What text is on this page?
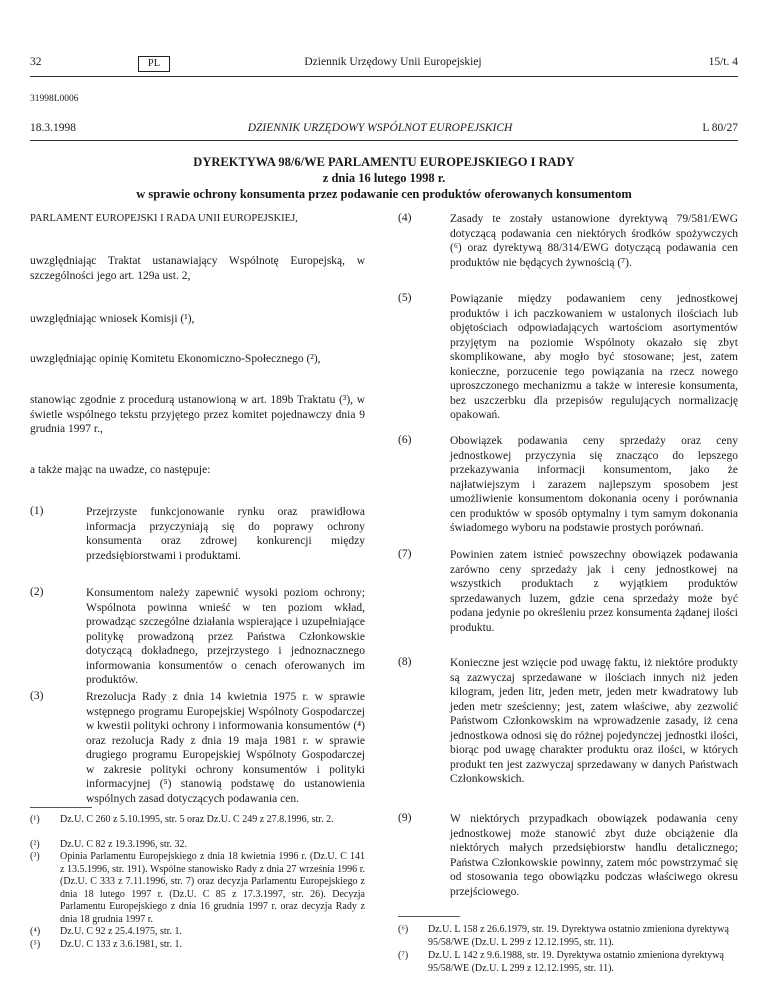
32	PL	Dziennik Urzędowy Unii Europejskiej	15/t. 4
31998L0006
18.3.1998	DZIENNIK URZĘDOWY WSPÓLNOT EUROPEJSKICH	L 80/27
DYREKTYWA 98/6/WE PARLAMENTU EUROPEJSKIEGO I RADY
z dnia 16 lutego 1998 r.
w sprawie ochrony konsumenta przez podawanie cen produktów oferowanych konsumentom
PARLAMENT EUROPEJSKI I RADA UNII EUROPEJSKIEJ,
uwzględniając Traktat ustanawiający Wspólnotę Europejską, w szczególności jego art. 129a ust. 2,
uwzględniając wniosek Komisji (¹),
uwzględniając opinię Komitetu Ekonomiczno-Społecznego (²),
stanowiąc zgodnie z procedurą ustanowioną w art. 189b Traktatu (³), w świetle wspólnego tekstu przyjętego przez komitet pojednawczy dnia 9 grudnia 1997 r.,
a także mając na uwadze, co następuje:
(1)	Przejrzyste funkcjonowanie rynku oraz prawidłowa informacja przyczyniają się do poprawy ochrony konsumenta oraz zdrowej konkurencji między przedsiębiorstwami i produktami.
(2)	Konsumentom należy zapewnić wysoki poziom ochrony; Wspólnota powinna wnieść w ten poziom wkład, prowadząc szczególne działania wspierające i uzupełniające politykę prowadzoną przez Państwa Członkowskie dotyczącą dokładnego, przejrzystego i jednoznacznego informowania konsumentów o cenach oferowanych im produktów.
(3)	Rrezolucja Rady z dnia 14 kwietnia 1975 r. w sprawie wstępnego programu Europejskiej Wspólnoty Gospodarczej w kwestii polityki ochrony i informowania konsumentów (⁴) oraz rezolucja Rady z dnia 19 maja 1981 r. w sprawie drugiego programu Europejskiej Wspólnoty Gospodarczej w zakresie polityki ochrony konsumentów i polityki informacyjnej (⁵) stanowią podstawę do ustanowienia wspólnych zasad dotyczących podawania cen.
(¹) Dz.U. C 260 z 5.10.1995, str. 5 oraz Dz.U. C 249 z 27.8.1996, str. 2.
(²) Dz.U. C 82 z 19.3.1996, str. 32.
(³) Opinia Parlamentu Europejskiego z dnia 18 kwietnia 1996 r. (Dz.U. C 141 z 13.5.1996, str. 191). Wspólne stanowisko Rady z dnia 27 września 1996 r. (Dz.U. C 333 z 7.11.1996, str. 7) oraz decyzja Parlamentu Europejskiego z dnia 18 lutego 1997 r. (Dz.U. C 85 z 17.3.1997, str. 26). Decyzja Parlamentu Europejskiego z dnia 16 grudnia 1997 r. oraz decyzja Rady z dnia 18 grudnia 1997 r.
(⁴) Dz.U. C 92 z 25.4.1975, str. 1.
(⁵) Dz.U. C 133 z 3.6.1981, str. 1.
(4)	Zasady te zostały ustanowione dyrektywą 79/581/EWG dotyczącą podawania cen niektórych środków spożywczych (⁶) oraz dyrektywą 88/314/EWG dotyczącą podawania cen produktów nie będących żywnością (⁷).
(5)	Powiązanie między podawaniem ceny jednostkowej produktów i ich paczkowaniem w ustalonych ilościach lub objętościach odpowiadających wartościom asortymentów przyjętym na poziomie Wspólnoty okazało się zbyt skomplikowane, aby mogło być stosowane; jest, zatem konieczne, porzucenie tego powiązania na rzecz nowego uproszczonego mechanizmu a także w interesie konsumenta, bez uszczerbku dla przepisów regulujących normalizację opakowań.
(6)	Obowiązek podawania ceny sprzedaży oraz ceny jednostkowej przyczynia się znacząco do lepszego przekazywania informacji konsumentom, jako że najłatwiejszym i zarazem najlepszym sposobem jest umożliwienie konsumentom dokonania oceny i porównania cen produktów w sposób optymalny i tym samym dokonania świadomego wyboru na podstawie prostych porównań.
(7)	Powinien zatem istnieć powszechny obowiązek podawania zarówno ceny sprzedaży jak i ceny jednostkowej na wszystkich produktach z wyjątkiem produktów sprzedawanych luzem, gdzie cena sprzedaży może być podana jedynie po określeniu przez konsumenta żądanej ilości produktu.
(8)	Konieczne jest wzięcie pod uwagę faktu, iż niektóre produkty są zazwyczaj sprzedawane w ilościach innych niż jeden kilogram, jeden litr, jeden metr, jeden metr kwadratowy lub jeden metr sześcienny; jest, zatem właściwe, aby zezwolić Państwom Członkowskim na wprowadzenie zasady, iż cena jednostkowa odnosi się do różnej pojedynczej jednostki ilości, biorąc pod uwagę charakter produktu oraz ilości, w których produkt ten jest zazwyczaj sprzedawany w danych Państwach Członkowskich.
(9)	W niektórych przypadkach obowiązek podawania ceny jednostkowej może stanowić zbyt duże obciążenie dla niektórych małych przedsiębiorstw handlu detalicznego; Państwa Członkowskie powinny, zatem móc powstrzymać się od stosowania tego obowiązku podczas właściwego okresu przejściowego.
(⁶) Dz.U. L 158 z 26.6.1979, str. 19. Dyrektywa ostatnio zmieniona dyrektywą 95/58/WE (Dz.U. L 299 z 12.12.1995, str. 11).
(⁷) Dz.U. L 142 z 9.6.1988, str. 19. Dyrektywa ostatnio zmieniona dyrektywą 95/58/WE (Dz.U. L 299 z 12.12.1995, str. 11).
